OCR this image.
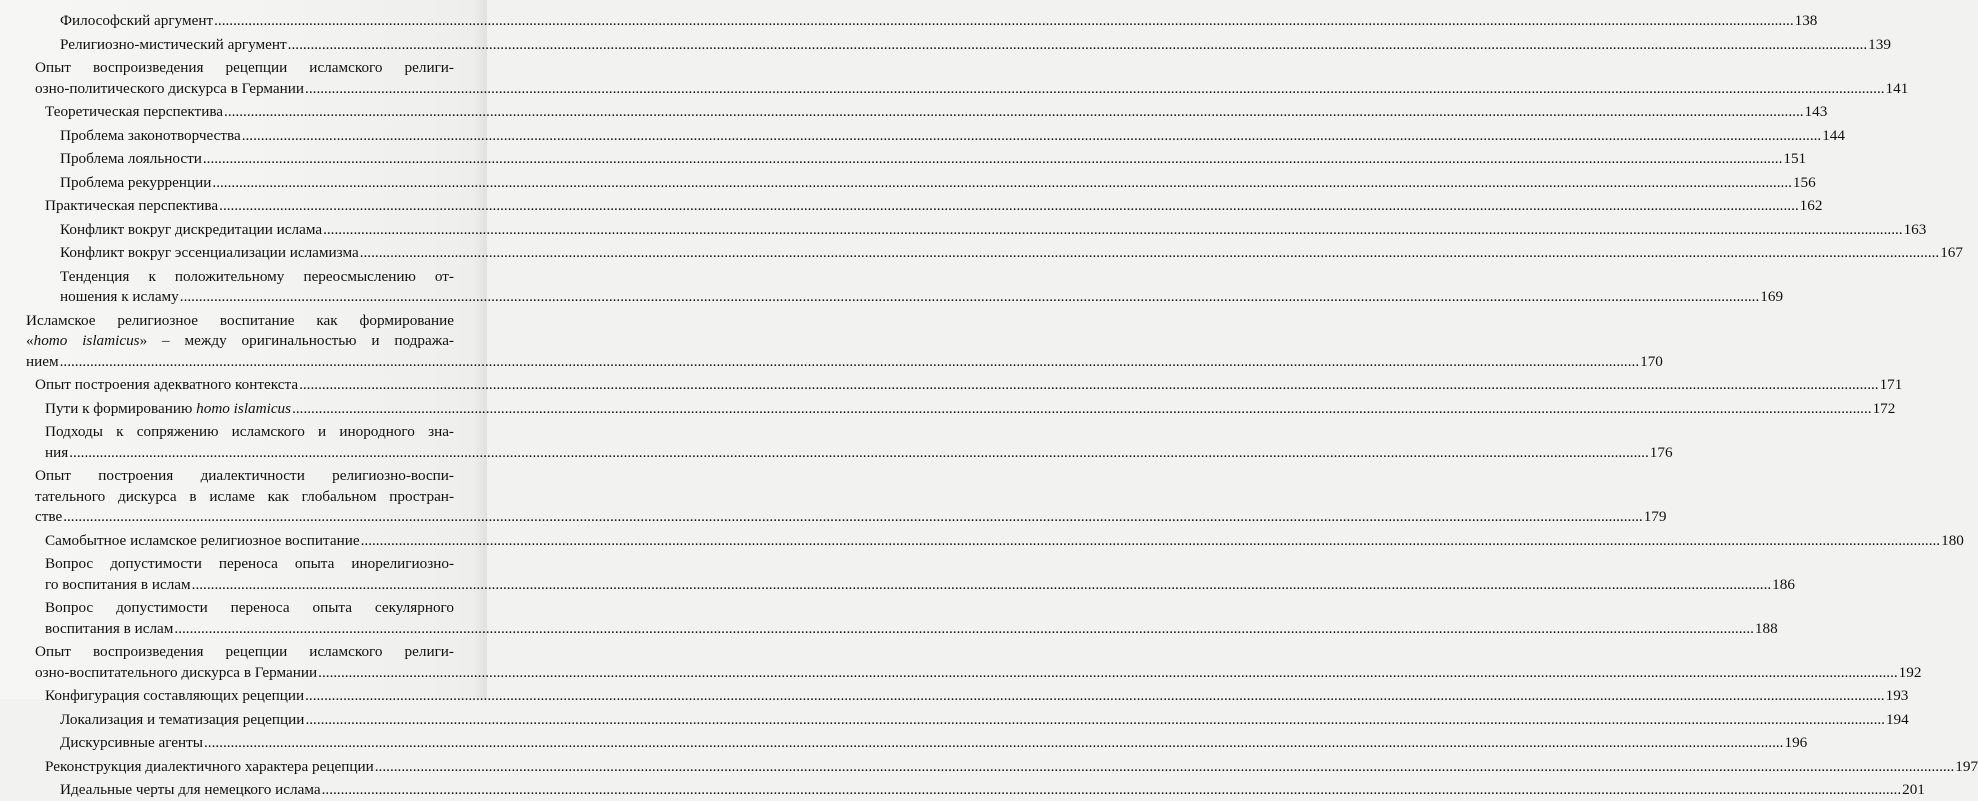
Философский аргумент .....	138
Религиозно-мистический аргумент .....	139
Опыт воспроизведения рецепции исламского религи-
озно-политического дискурса в Германии .....	141
Теоретическая перспектива .....	143
Проблема законотворчества .....	144
Проблема лояльности .....	151
Проблема рекурренции .....	156
Практическая перспектива .....	162
Конфликт вокруг дискредитации ислама .....	163
Конфликт вокруг эссенциализации исламизма .....	167
Тенденция к положительному переосмыслению от-
ношения к исламу .....	169
Исламское религиозное воспитание как формирование
«homo islamicus» – между оригинальностью и подража-
нием .....	170
Опыт построения адекватного контекста .....	171
Пути к формированию homo islamicus .....	172
Подходы к сопряжению исламского и инородного зна-
ния .....	176
Опыт построения диалектичности религиозно-воспи-
тательного дискурса в исламе как глобальном простран-
стве .....	179
Самобытное исламское религиозное воспитание .....	180
Вопрос допустимости переноса опыта инорелигиозно-
го воспитания в ислам .....	186
Вопрос допустимости переноса опыта секулярного
воспитания в ислам .....	188
Опыт воспроизведения рецепции исламского религи-
озно-воспитательного дискурса в Германии .....	192
Конфигурация составляющих рецепции .....	193
Локализация и тематизация рецепции .....	194
Дискурсивные агенты .....	196
Реконструкция диалектичного характера рецепции .....	197
Идеальные черты для немецкого ислама .....	201
